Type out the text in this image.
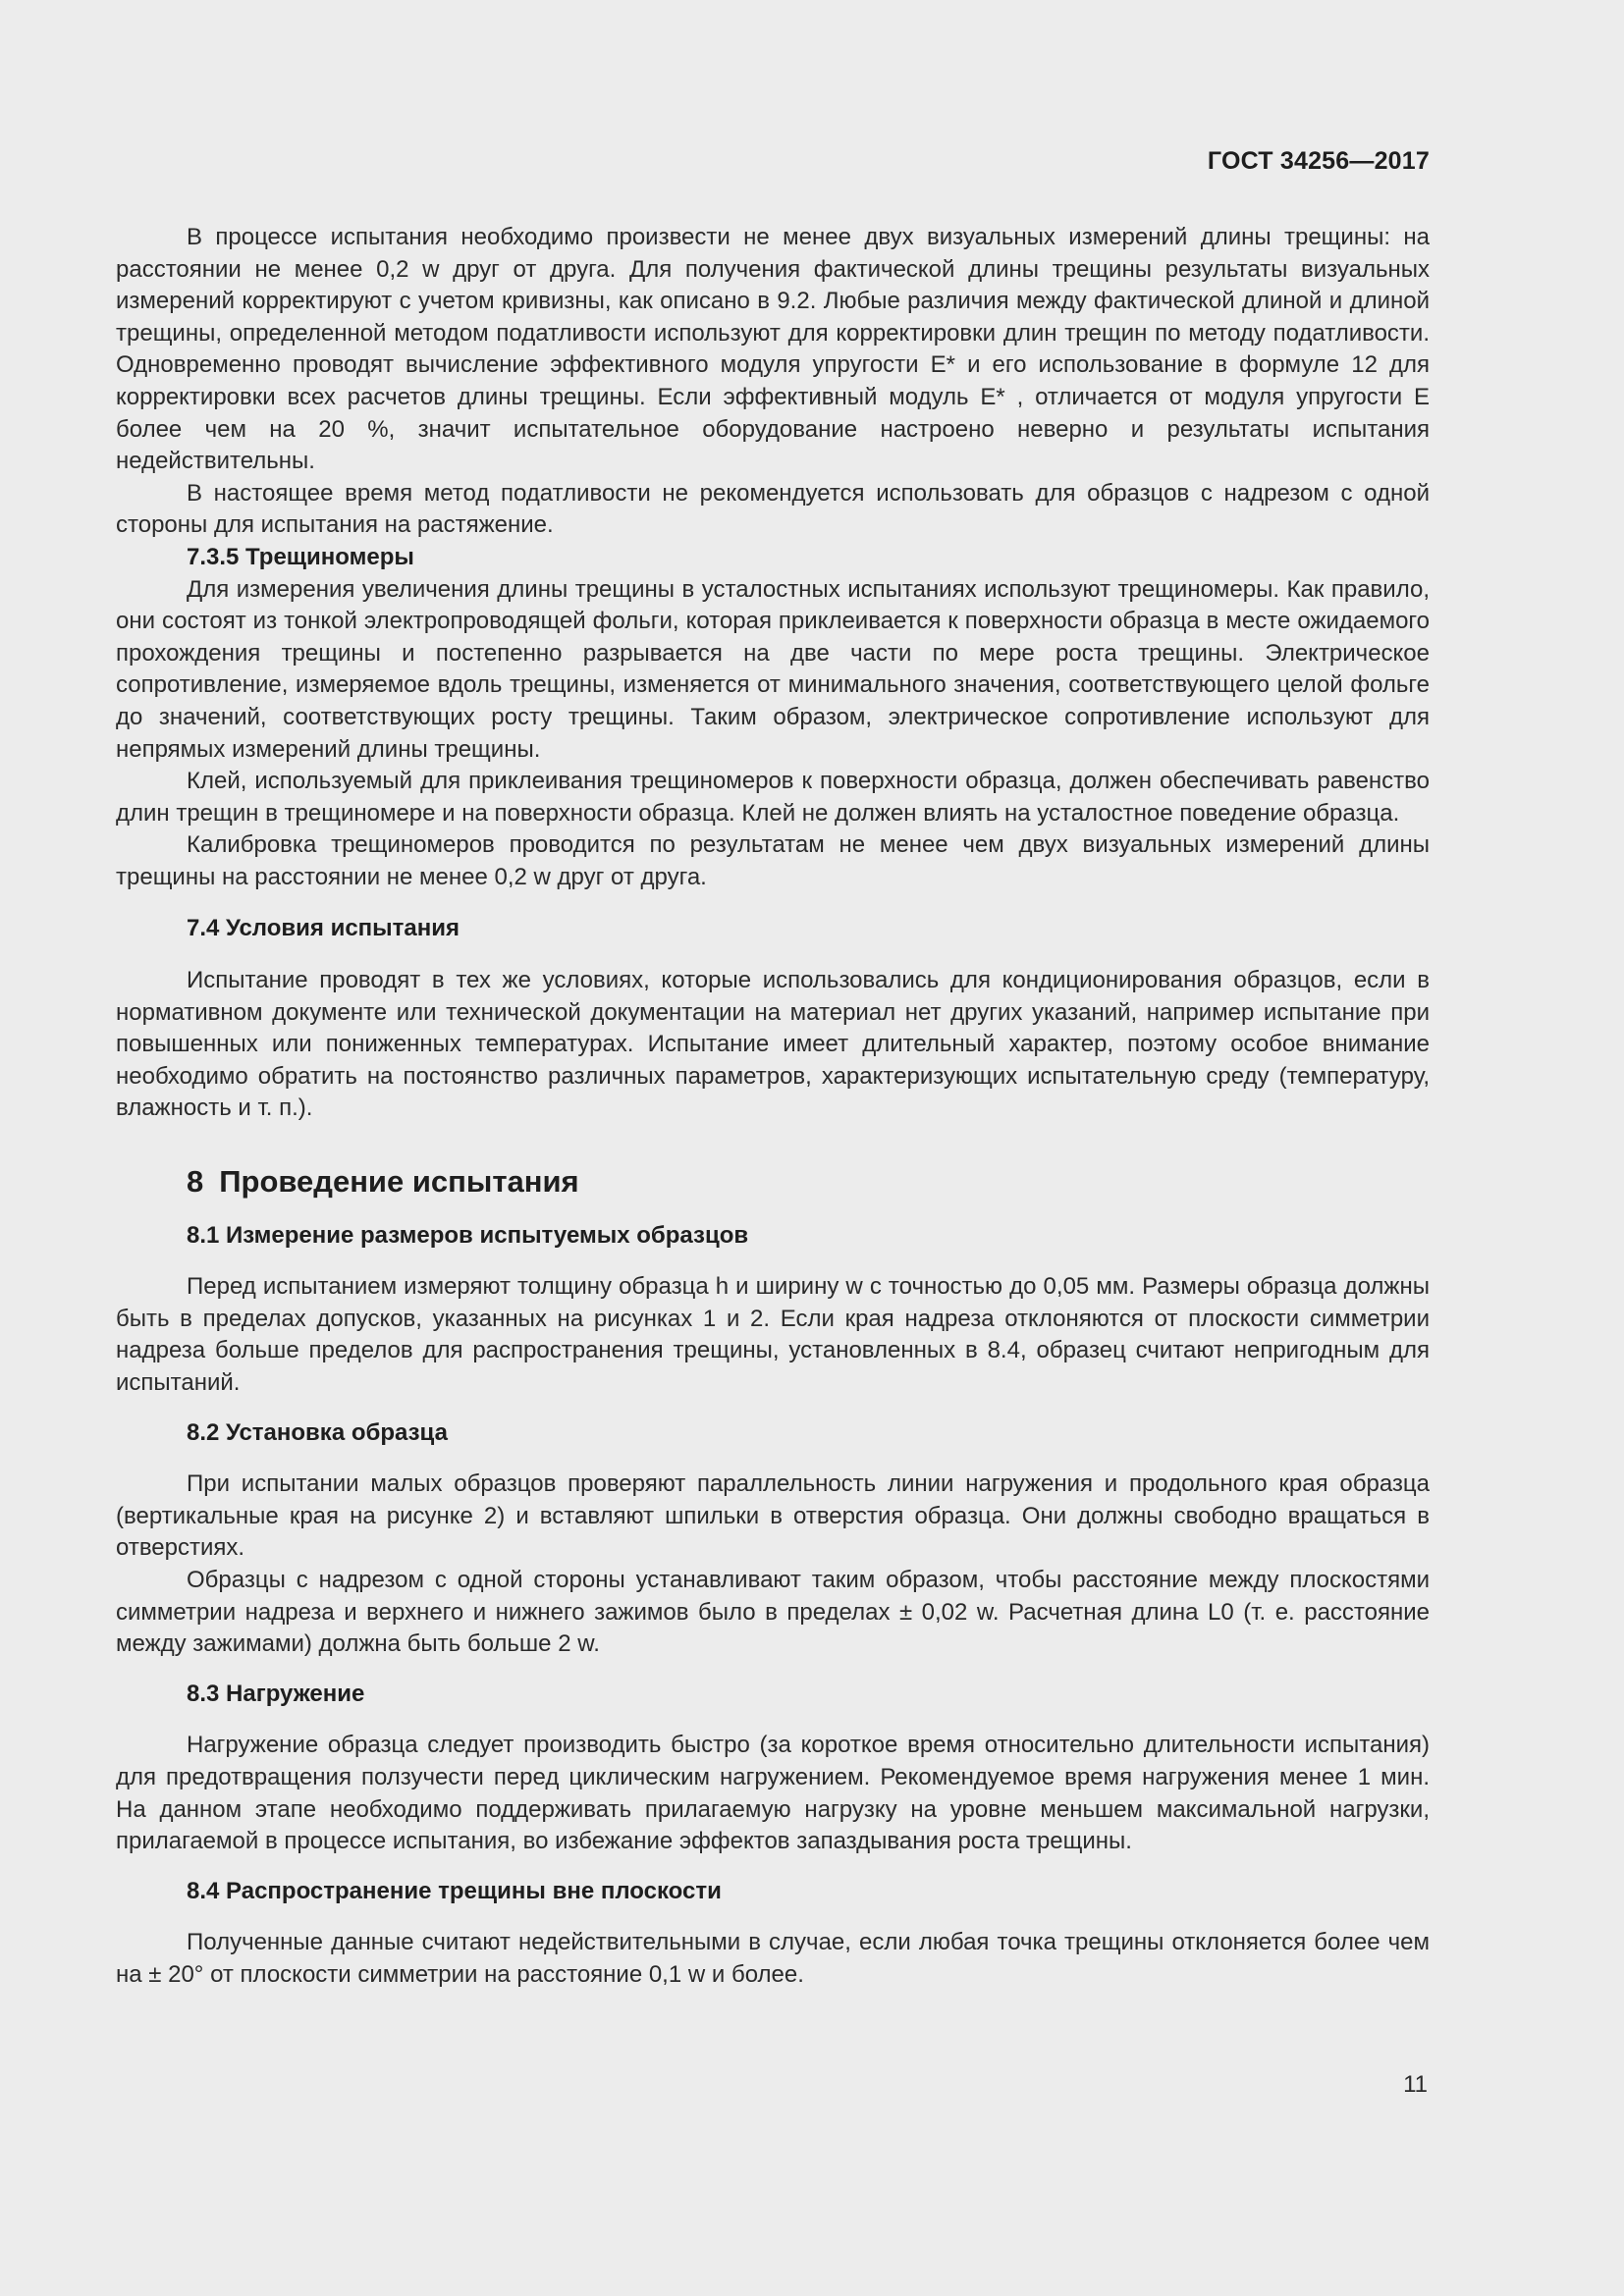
ГОСТ 34256—2017

В процессе испытания необходимо произвести не менее двух визуальных измерений длины трещины: на расстоянии не менее 0,2 w друг от друга. Для получения фактической длины трещины результаты визуальных измерений корректируют с учетом кривизны, как описано в 9.2. Любые различия между фактической длиной и длиной трещины, определенной методом податливости используют для корректировки длин трещин по методу податливости. Одновременно проводят вычисление эффективного модуля упругости E* и его использование в формуле 12 для корректировки всех расчетов длины трещины. Если эффективный модуль E* , отличается от модуля упругости E более чем на 20 %, значит испытательное оборудование настроено неверно и результаты испытания недействительны.

В настоящее время метод податливости не рекомендуется использовать для образцов с надрезом с одной стороны для испытания на растяжение.

7.3.5 Трещиномеры

Для измерения увеличения длины трещины в усталостных испытаниях используют трещиномеры. Как правило, они состоят из тонкой электропроводящей фольги, которая приклеивается к поверхности образца в месте ожидаемого прохождения трещины и постепенно разрывается на две части по мере роста трещины. Электрическое сопротивление, измеряемое вдоль трещины, изменяется от минимального значения, соответствующего целой фольге до значений, соответствующих росту трещины. Таким образом, электрическое сопротивление используют для непрямых измерений длины трещины.

Клей, используемый для приклеивания трещиномеров к поверхности образца, должен обеспечивать равенство длин трещин в трещиномере и на поверхности образца. Клей не должен влиять на усталостное поведение образца.

Калибровка трещиномеров проводится по результатам не менее чем двух визуальных измерений длины трещины на расстоянии не менее 0,2 w друг от друга.

7.4 Условия испытания

Испытание проводят в тех же условиях, которые использовались для кондиционирования образцов, если в нормативном документе или технической документации на материал нет других указаний, например испытание при повышенных или пониженных температурах. Испытание имеет длительный характер, поэтому особое внимание необходимо обратить на постоянство различных параметров, характеризующих испытательную среду (температуру, влажность и т. п.).

8 Проведение испытания
8.1 Измерение размеров испытуемых образцов

Перед испытанием измеряют толщину образца h и ширину w с точностью до 0,05 мм. Размеры образца должны быть в пределах допусков, указанных на рисунках 1 и 2. Если края надреза отклоняются от плоскости симметрии надреза больше пределов для распространения трещины, установленных в 8.4, образец считают непригодным для испытаний.

8.2 Установка образца

При испытании малых образцов проверяют параллельность линии нагружения и продольного края образца (вертикальные края на рисунке 2) и вставляют шпильки в отверстия образца. Они должны свободно вращаться в отверстиях.

Образцы с надрезом с одной стороны устанавливают таким образом, чтобы расстояние между плоскостями симметрии надреза и верхнего и нижнего зажимов было в пределах ± 0,02 w. Расчетная длина L0 (т. е. расстояние между зажимами) должна быть больше 2 w.

8.3 Нагружение

Нагружение образца следует производить быстро (за короткое время относительно длительности испытания) для предотвращения ползучести перед циклическим нагружением. Рекомендуемое время нагружения менее 1 мин. На данном этапе необходимо поддерживать прилагаемую нагрузку на уровне меньшем максимальной нагрузки, прилагаемой в процессе испытания, во избежание эффектов запаздывания роста трещины.

8.4 Распространение трещины вне плоскости

Полученные данные считают недействительными в случае, если любая точка трещины отклоняется более чем на ± 20° от плоскости симметрии на расстояние 0,1 w и более.

11
